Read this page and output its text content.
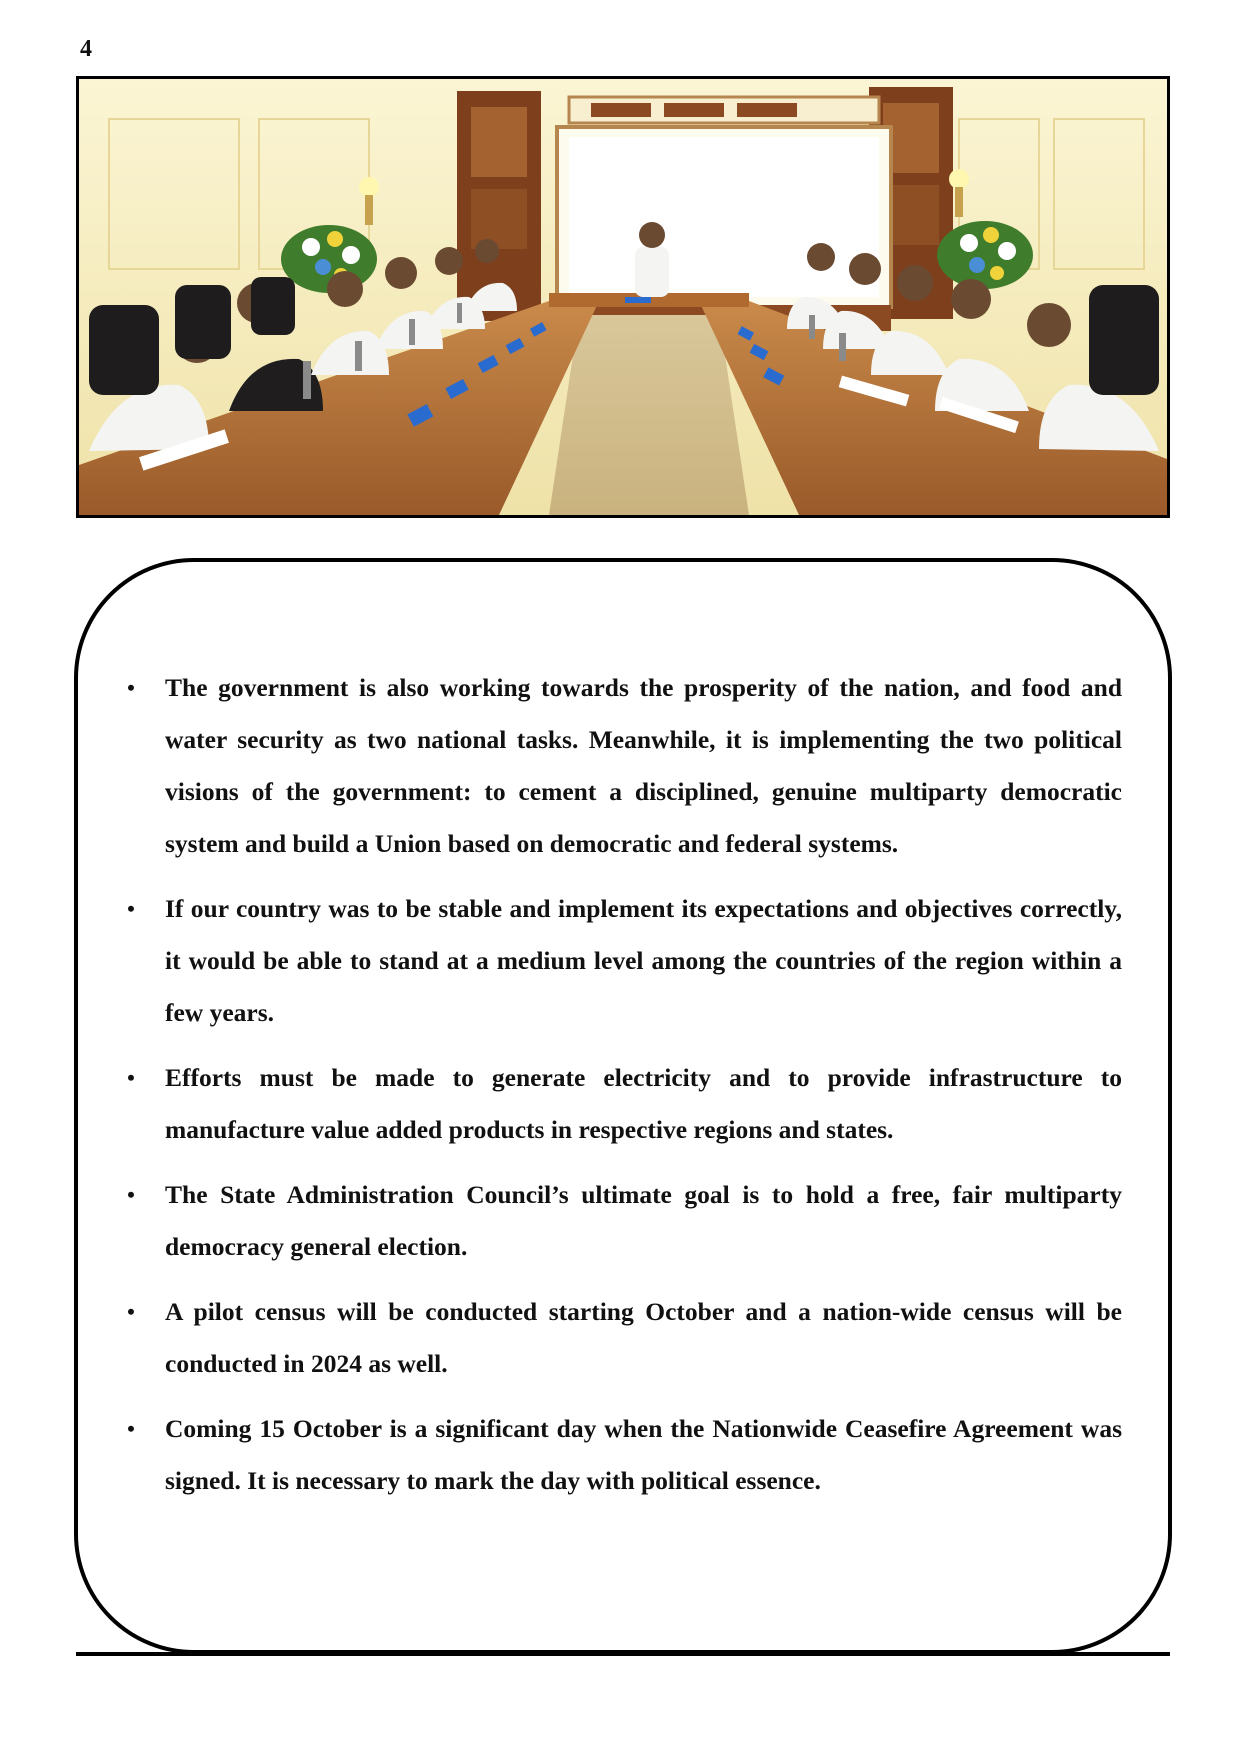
4
• The government is also working towards the prosperity of the nation, and food and water security as two national tasks. Meanwhile, it is implementing the two political visions of the government: to cement a disciplined, genuine multiparty democratic system and build a Union based on democratic and federal systems.
• If our country was to be stable and implement its expectations and objectives correctly, it would be able to stand at a medium level among the countries of the region within a few years.
• Efforts must be made to generate electricity and to provide infrastructure to manufacture value added products in respective regions and states.
• The State Administration Council’s ultimate goal is to hold a free, fair multiparty democracy general election.
• A pilot census will be conducted starting October and a nation-wide census will be conducted in 2024 as well.
• Coming 15 October is a significant day when the Nationwide Ceasefire Agreement was signed. It is necessary to mark the day with political essence.
